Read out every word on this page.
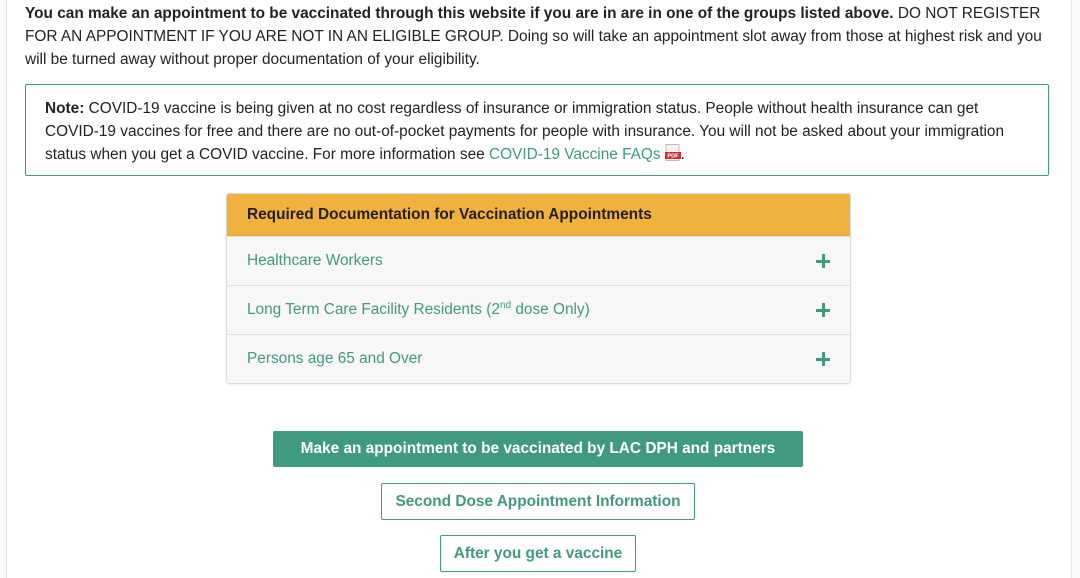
You can make an appointment to be vaccinated through this website if you are in are in one of the groups listed above. DO NOT REGISTER FOR AN APPOINTMENT IF YOU ARE NOT IN AN ELIGIBLE GROUP. Doing so will take an appointment slot away from those at highest risk and you will be turned away without proper documentation of your eligibility.
Note: COVID-19 vaccine is being given at no cost regardless of insurance or immigration status. People without health insurance can get COVID-19 vaccines for free and there are no out-of-pocket payments for people with insurance. You will not be asked about your immigration status when you get a COVID vaccine. For more information see COVID-19 Vaccine FAQs PDF .
Required Documentation for Vaccination Appointments
Healthcare Workers
Long Term Care Facility Residents (2nd dose Only)
Persons age 65 and Over
Make an appointment to be vaccinated by LAC DPH and partners
Second Dose Appointment Information
After you get a vaccine
